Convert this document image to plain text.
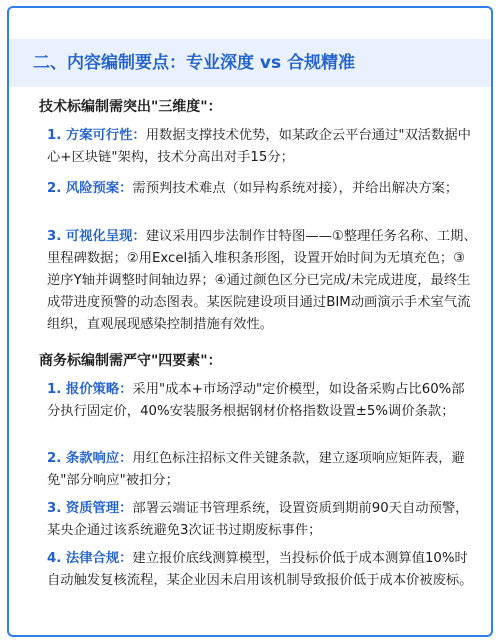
二、内容编制要点：专业深度 vs 合规精准
技术标编制需突出"三维度"：
1. 方案可行性：用数据支撑技术优势，如某政企云平台通过"双活数据中心+区块链"架构，技术分高出对手15分；
2. 风险预案：需预判技术难点（如异构系统对接），并给出解决方案；
3. 可视化呈现：建议采用四步法制作甘特图——①整理任务名称、工期、里程碑数据；②用Excel插入堆积条形图，设置开始时间为无填充色；③逆序Y轴并调整时间轴边界；④通过颜色区分已完成/未完成进度，最终生成带进度预警的动态图表。某医院建设项目通过BIM动画演示手术室气流组织，直观展现感染控制措施有效性。
商务标编制需严守"四要素"：
1. 报价策略：采用"成本+市场浮动"定价模型，如设备采购占比60%部分执行固定价，40%安装服务根据钢材价格指数设置±5%调价条款；
2. 条款响应：用红色标注招标文件关键条款，建立逐项响应矩阵表，避免"部分响应"被扣分；
3. 资质管理：部署云端证书管理系统，设置资质到期前90天自动预警，某央企通过该系统避免3次证书过期废标事件；
4. 法律合规：建立报价底线测算模型，当投标价低于成本测算值10%时自动触发复核流程，某企业因未启用该机制导致报价低于成本价被废标。
